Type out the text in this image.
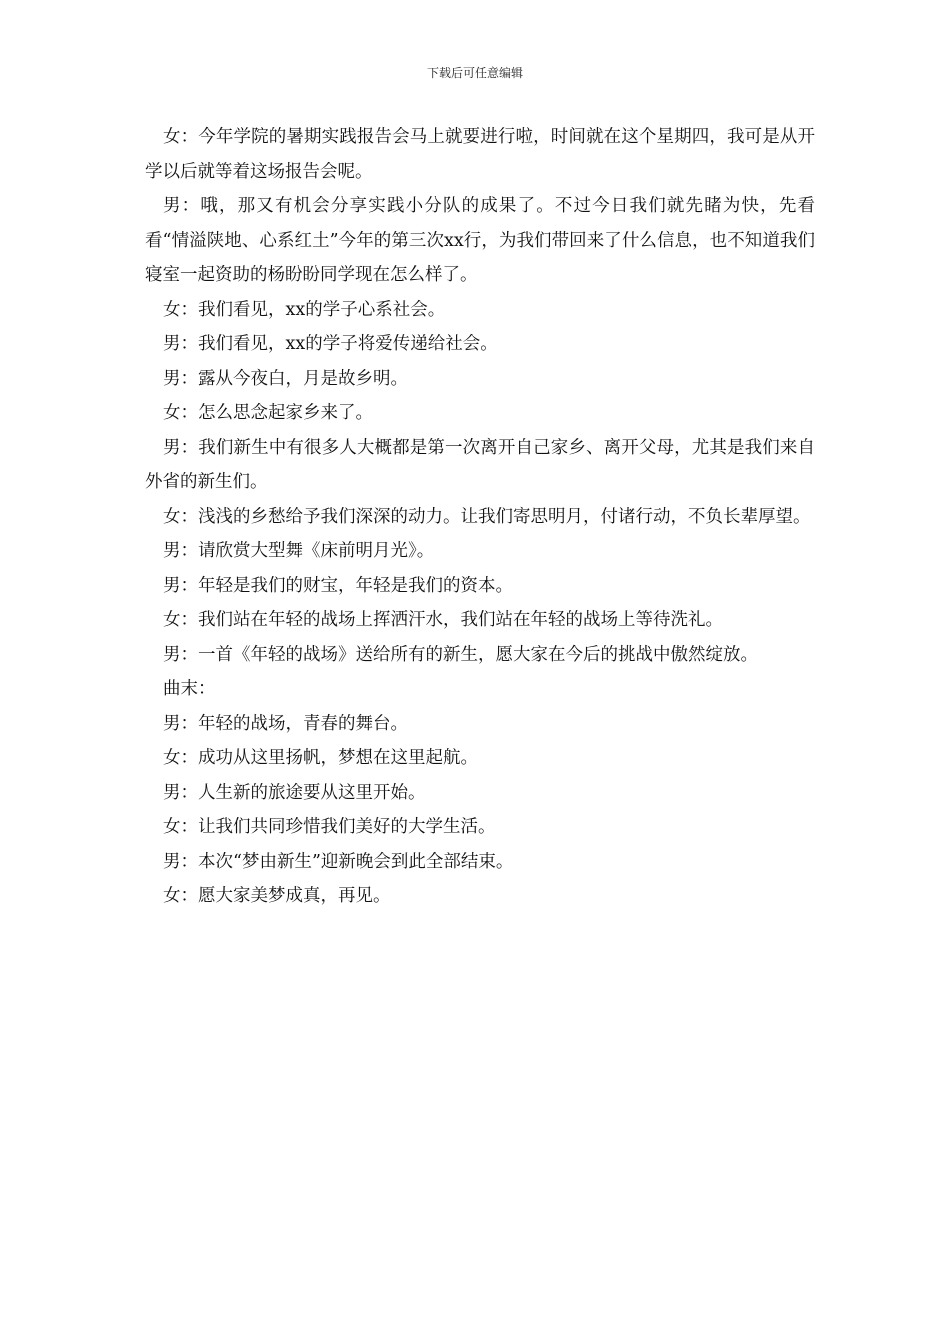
下载后可任意编辑

女：今年学院的暑期实践报告会马上就要进行啦，时间就在这个星期四，我可是从开学以后就等着这场报告会呢。

男：哦，那又有机会分享实践小分队的成果了。不过今日我们就先睹为快，先看看“情溢陕地、心系红土”今年的第三次xx行，为我们带回来了什么信息，也不知道我们寝室一起资助的杨盼盼同学现在怎么样了。

女：我们看见，xx的学子心系社会。

男：我们看见，xx的学子将爱传递给社会。

男：露从今夜白，月是故乡明。

女：怎么思念起家乡来了。

男：我们新生中有很多人大概都是第一次离开自己家乡、离开父母，尤其是我们来自外省的新生们。

女：浅浅的乡愁给予我们深深的动力。让我们寄思明月，付诸行动，不负长辈厚望。

男：请欣赏大型舞《床前明月光》。

男：年轻是我们的财宝，年轻是我们的资本。

女：我们站在年轻的战场上挥洒汗水，我们站在年轻的战场上等待洗礼。

男：一首《年轻的战场》送给所有的新生，愿大家在今后的挑战中傲然绽放。

曲末：

男：年轻的战场，青春的舞台。

女：成功从这里扬帆，梦想在这里起航。

男：人生新的旅途要从这里开始。

女：让我们共同珍惜我们美好的大学生活。

男：本次“梦由新生”迎新晚会到此全部结束。

女：愿大家美梦成真，再见。
